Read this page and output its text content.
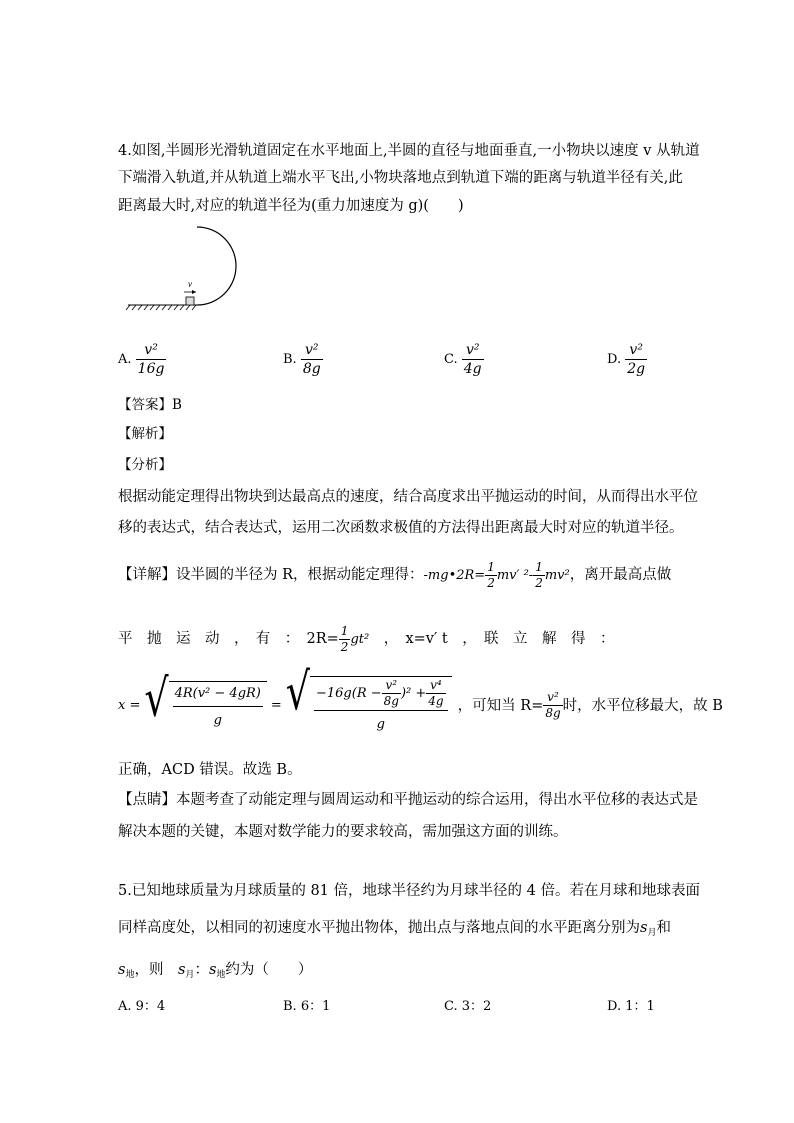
4.如图,半圆形光滑轨道固定在水平地面上,半圆的直径与地面垂直,一小物块以速度 v 从轨道
下端滑入轨道,并从轨道上端水平飞出,小物块落地点到轨道下端的距离与轨道半径有关,此
距离最大时,对应的轨道半径为(重力加速度为 g)(　　)
v
A. $\frac{\text{v²}}{16g}$	B. $\frac{\text{v²}}{8g}$	C. $\frac{\text{v²}}{4g}$	D. $\frac{\text{v²}}{2g}$
【答案】B
【解析】
【分析】
根据动能定理得出物块到达最高点的速度，结合高度求出平抛运动的时间，从而得出水平位
移的表达式，结合表达式，运用二次函数求极值的方法得出距离最大时对应的轨道半径。
【详解】设半圆的半径为 R，根据动能定理得：-mg•2R= $\frac{1}{2} mv'$ $^2- \frac{1}{2} mv^2$，离开最高点做
平　抛　运　动　，　有　：　$2R= \frac{1}{2} gt^2$　，　x=v′ t　，　联　立　解　得　：
x = √ 4R(v² − 4gR)
g
= √ $-16g(R - \frac{\text{v²}}{8g} )^2 + \frac{\text{v⁴}}{4g}$
g
，可知当 $R= \frac{\text{v²}}{8g}$ 时，水平位移最大，故 B
正确，ACD 错误。故选 B。
【点睛】本题考查了动能定理与圆周运动和平抛运动的综合运用，得出水平位移的表达式是
解决本题的关键，本题对数学能力的要求较高，需加强这方面的训练。
5.已知地球质量为月球质量的 81 倍，地球半径约为月球半径的 4 倍。若在月球和地球表面
同样高度处，以相同的初速度水平抛出物体，抛出点与落地点间的水平距离分别为$s_月$和
$s_地$，则　$s_月$：$s_地$约为（　　）
A. 9：4	B. 6：1	C. 3：2	D. 1：1
